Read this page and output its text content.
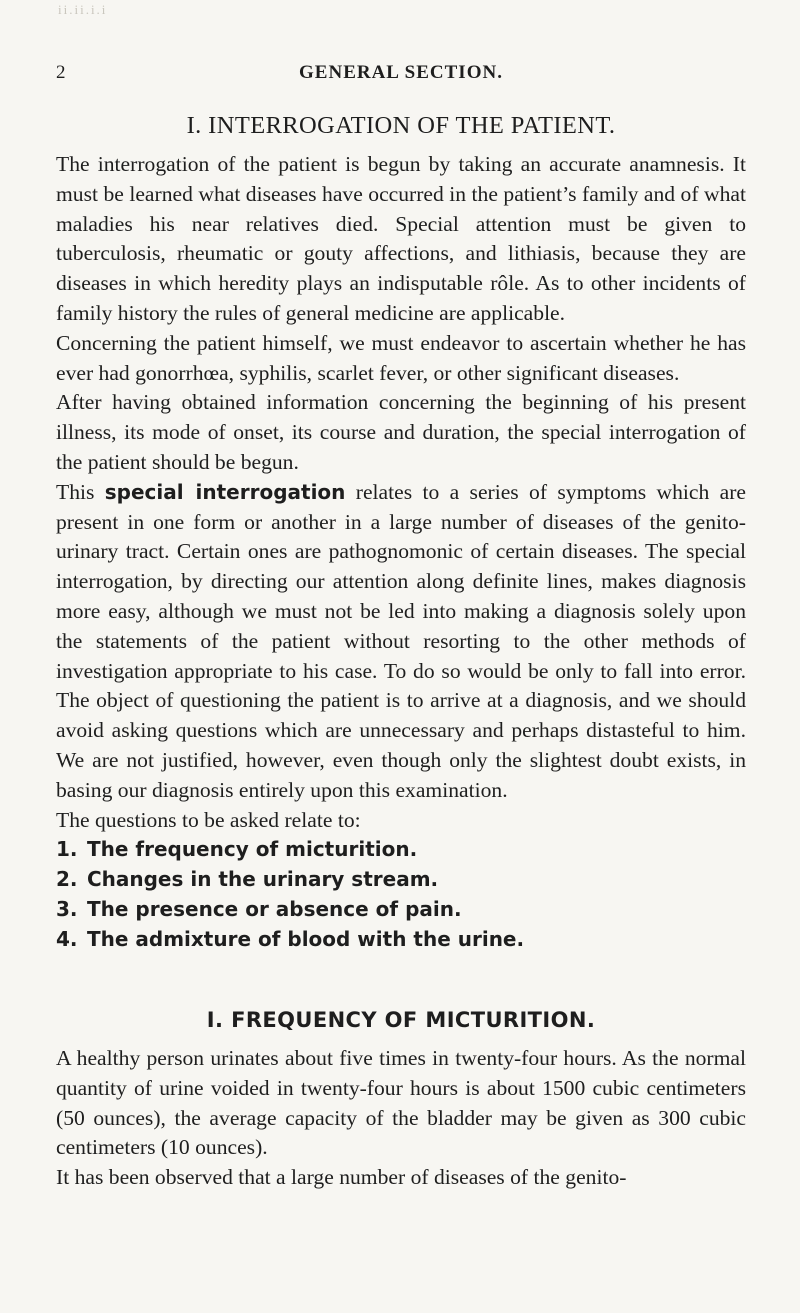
ii.ii.i.i
2	GENERAL SECTION.
I. INTERROGATION OF THE PATIENT.

The interrogation of the patient is begun by taking an accurate anamnesis. It must be learned what diseases have occurred in the patient’s family and of what maladies his near relatives died. Special attention must be given to tuberculosis, rheumatic or gouty affections, and lithiasis, because they are diseases in which heredity plays an indisputable rôle. As to other incidents of family history the rules of general medicine are applicable.

Concerning the patient himself, we must endeavor to ascertain whether he has ever had gonorrhœa, syphilis, scarlet fever, or other significant diseases.

After having obtained information concerning the beginning of his present illness, its mode of onset, its course and duration, the special interrogation of the patient should be begun.

This special interrogation relates to a series of symptoms which are present in one form or another in a large number of diseases of the genito-urinary tract. Certain ones are pathognomonic of certain diseases. The special interrogation, by directing our attention along definite lines, makes diagnosis more easy, although we must not be led into making a diagnosis solely upon the statements of the patient without resorting to the other methods of investigation appropriate to his case. To do so would be only to fall into error. The object of questioning the patient is to arrive at a diagnosis, and we should avoid asking questions which are unnecessary and perhaps distasteful to him. We are not justified, however, even though only the slightest doubt exists, in basing our diagnosis entirely upon this examination.

The questions to be asked relate to:

1. The frequency of micturition.
2. Changes in the urinary stream.
3. The presence or absence of pain.
4. The admixture of blood with the urine.
I. FREQUENCY OF MICTURITION.

A healthy person urinates about five times in twenty-four hours. As the normal quantity of urine voided in twenty-four hours is about 1500 cubic centimeters (50 ounces), the average capacity of the bladder may be given as 300 cubic centimeters (10 ounces).

It has been observed that a large number of diseases of the genito-
